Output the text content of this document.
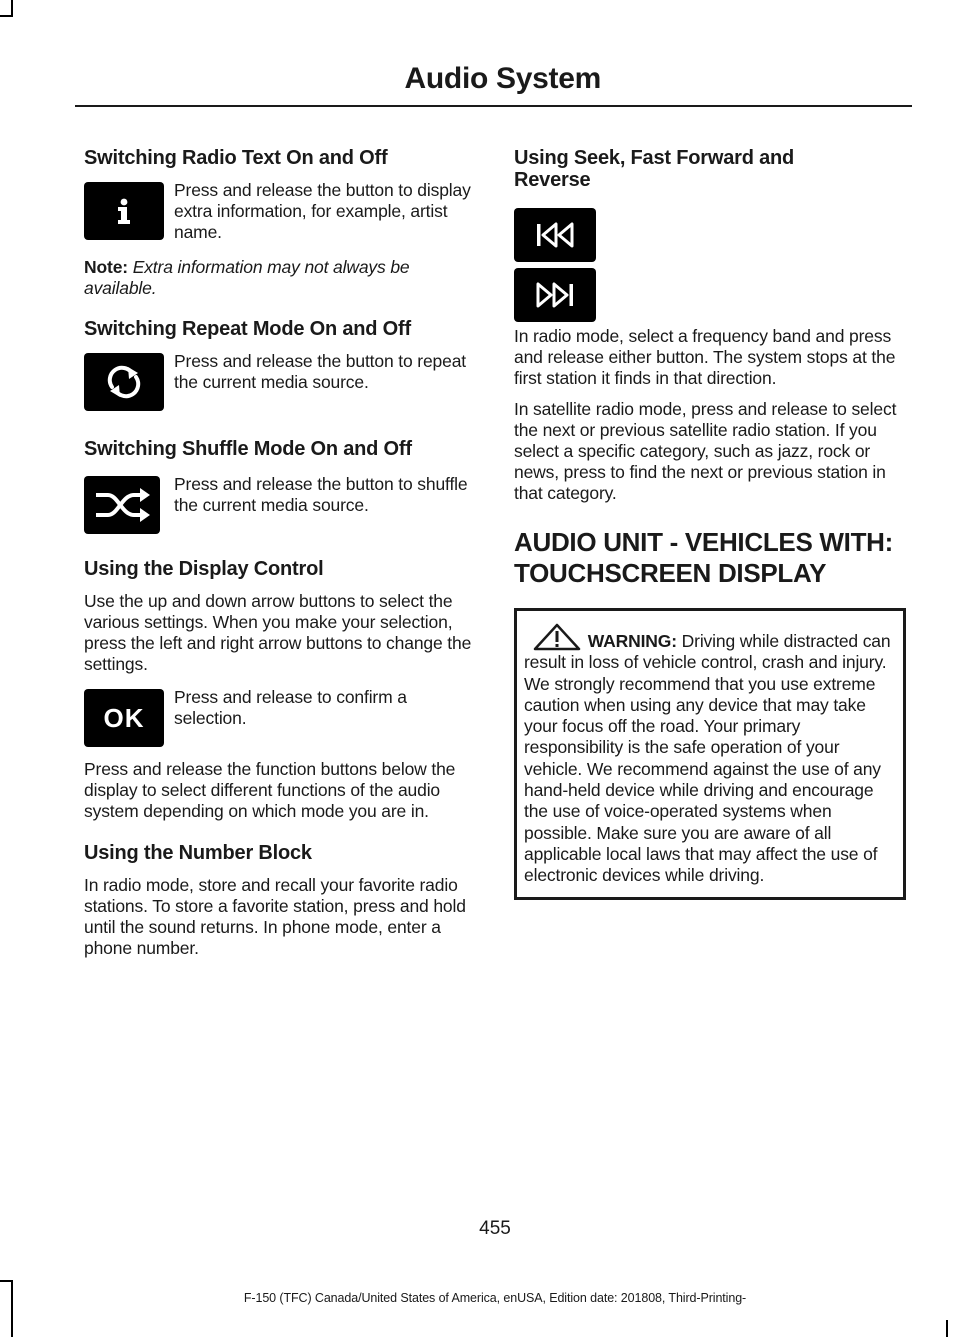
Audio System
Switching Radio Text On and Off

Press and release the button to display extra information, for example, artist name.

Note: Extra information may not always be available.

Switching Repeat Mode On and Off

Press and release the button to repeat the current media source.

Switching Shuffle Mode On and Off

Press and release the button to shuffle the current media source.

Using the Display Control

Use the up and down arrow buttons to select the various settings. When you make your selection, press the left and right arrow buttons to change the settings.

OK

Press and release to confirm a selection.

Press and release the function buttons below the display to select different functions of the audio system depending on which mode you are in.

Using the Number Block

In radio mode, store and recall your favorite radio stations. To store a favorite station, press and hold until the sound returns. In phone mode, enter a phone number.

Using Seek, Fast Forward and Reverse

In radio mode, select a frequency band and press and release either button. The system stops at the first station it finds in that direction.

In satellite radio mode, press and release to select the next or previous satellite radio station. If you select a specific category, such as jazz, rock or news, press to find the next or previous station in that category.

AUDIO UNIT - VEHICLES WITH:
TOUCHSCREEN DISPLAY

WARNING: Driving while distracted can result in loss of vehicle control, crash and injury. We strongly recommend that you use extreme caution when using any device that may take your focus off the road. Your primary responsibility is the safe operation of your vehicle. We recommend against the use of any hand-held device while driving and encourage the use of voice-operated systems when possible. Make sure you are aware of all applicable local laws that may affect the use of electronic devices while driving.

455
F-150 (TFC) Canada/United States of America, enUSA, Edition date: 201808, Third-Printing-
